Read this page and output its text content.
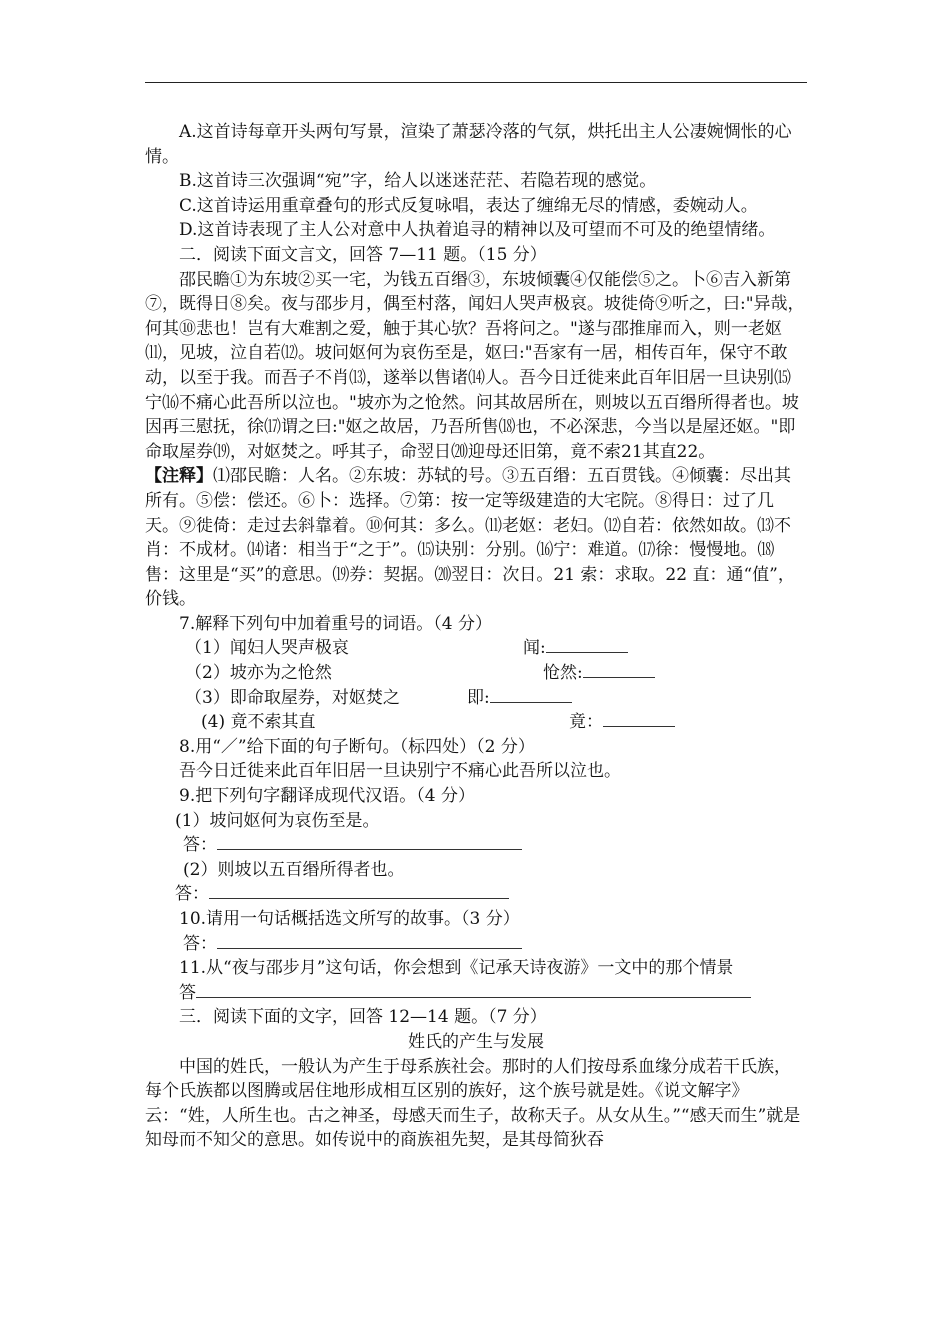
A.这首诗每章开头两句写景，渲染了萧瑟冷落的气氛，烘托出主人公凄婉惆怅的心情。

B.这首诗三次强调“宛”字，给人以迷迷茫茫、若隐若现的感觉。

C.这首诗运用重章叠句的形式反复咏唱，表达了缠绵无尽的情感，委婉动人。

D.这首诗表现了主人公对意中人执着追寻的精神以及可望而不可及的绝望情绪。

二．阅读下面文言文，回答 7—11 题。（15 分）

邵民瞻①为东坡②买一宅，为钱五百缗③，东坡倾囊④仅能偿⑤之。卜⑥吉入新第⑦，既得日⑧矣。夜与邵步月，偶至村落，闻妇人哭声极哀。坡徙倚⑨听之，曰:"异哉，何其⑩悲也！岂有大难割之爱，触于其心欤？吾将问之。"遂与邵推扉而入，则一老妪⑾，见坡，泣自若⑿。坡问妪何为哀伤至是，妪曰:"吾家有一居，相传百年，保守不敢动，以至于我。而吾子不肖⒀，遂举以售诸⒁人。吾今日迁徙来此百年旧居一旦诀别⒂宁⒃不痛心此吾所以泣也。"坡亦为之怆然。问其故居所在，则坡以五百缗所得者也。坡因再三慰抚，徐⒄谓之曰:"妪之故居，乃吾所售⒅也，不必深悲，今当以是屋还妪。"即命取屋券⒆，对妪焚之。呼其子，命翌日⒇迎母还旧第，竟不索21其直22。

【注释】⑴邵民瞻：人名。②东坡：苏轼的号。③五百缗：五百贯钱。④倾囊：尽出其所有。⑤偿：偿还。⑥卜：选择。⑦第：按一定等级建造的大宅院。⑧得日：过了几天。⑨徙倚：走过去斜靠着。⑩何其：多么。⑾老妪：老妇。⑿自若：依然如故。⒀不肖：不成材。⒁诸：相当于“之于”。⒂诀别：分别。⒃宁：难道。⒄徐：慢慢地。⒅售：这里是“买”的意思。⒆券：契据。⒇翌日：次日。21 索：求取。22 直：通“值”，价钱。

7.解释下列句中加着重号的词语。（4 分）

（1）闻妇人哭声极哀	闻:
（2）坡亦为之怆然	怆然:
（3）即命取屋券，对妪焚之	即:
(4) 竟不索其直	竟：

8.用“／”给下面的句子断句。（标四处）（2 分）

吾今日迁徙来此百年旧居一旦诀别宁不痛心此吾所以泣也。

9.把下列句字翻译成现代汉语。（4 分）

(1）坡问妪何为哀伤至是。

答：

(2）则坡以五百缗所得者也。

答：

10.请用一句话概括选文所写的故事。（3 分）

答：

11.从“夜与邵步月”这句话，你会想到《记承天诗夜游》一文中的那个情景

答

三．阅读下面的文字，回答 12—14 题。（7 分）

姓氏的产生与发展

中国的姓氏，一般认为产生于母系族社会。那时的人们按母系血缘分成若干氏族，每个氏族都以图腾或居住地形成相互区别的族好，这个族号就是姓。《说文解字》云：“姓，人所生也。古之神圣，母感天而生子，故称天子。从女从生。”“感天而生”就是知母而不知父的意思。如传说中的商族祖先契，是其母简狄吞
